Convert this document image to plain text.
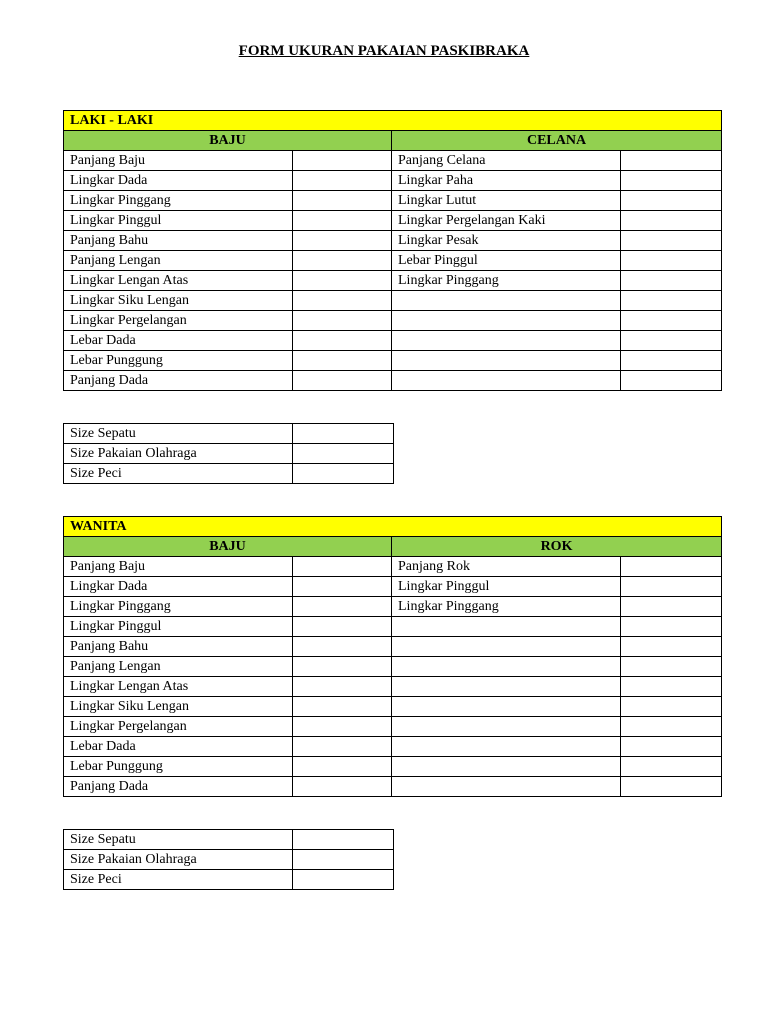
FORM UKURAN PAKAIAN PASKIBRAKA
LAKI - LAKI			
BAJU		CELANA	
Panjang Baju		Panjang Celana	
Lingkar Dada		Lingkar Paha	
Lingkar Pinggang		Lingkar Lutut	
Lingkar Pinggul		Lingkar Pergelangan Kaki	
Panjang Bahu		Lingkar Pesak	
Panjang Lengan		Lebar Pinggul	
Lingkar Lengan Atas		Lingkar Pinggang	
Lingkar Siku Lengan			
Lingkar Pergelangan			
Lebar Dada			
Lebar Punggung			
Panjang Dada			
Size Sepatu	
Size Pakaian Olahraga	
Size Peci	
WANITA			
BAJU		ROK	
Panjang Baju		Panjang Rok	
Lingkar Dada		Lingkar Pinggul	
Lingkar Pinggang		Lingkar Pinggang	
Lingkar Pinggul			
Panjang Bahu			
Panjang Lengan			
Lingkar Lengan Atas			
Lingkar Siku Lengan			
Lingkar Pergelangan			
Lebar Dada			
Lebar Punggung			
Panjang Dada			
Size Sepatu	
Size Pakaian Olahraga	
Size Peci	
